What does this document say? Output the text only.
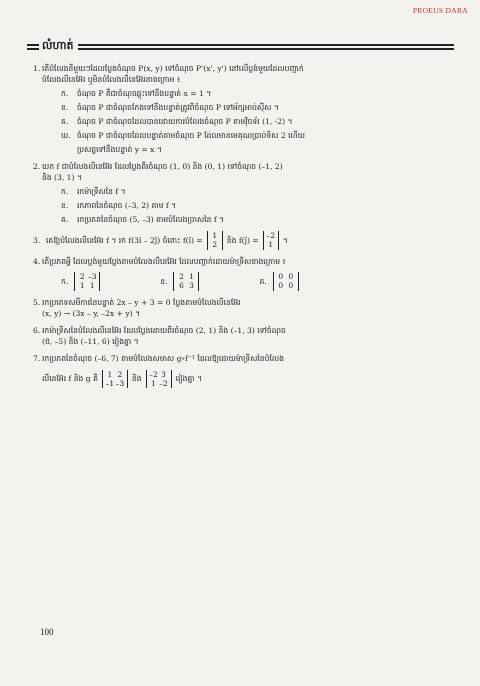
PROEUS DARA
លំហាត់
1. តើបំលែងនីមួយៗដែលប្លែងចំណុច P(x, y) ទៅចំណុច P'(x', y') នៅលើប្លង់មួយដែលបញ្ជាក់
បំលែងលីនេអ៊ែរ ឬមិនបំលែងលីនេអ៊ែរខាងក្រោម ៖
ក. ចំណុច P គឺជាចំណុចឆ្លុះទៅនឹងបន្ទាត់ x = 1 ។
ខ. ចំណុច P ជាចំណុចកែងទៅនឹងបន្ទាត់ត្រូវពិចំណុច P ទៅអ័ក្សអាប់ស៊ីស ។
គ. ចំណុច P ជាចំណុចដែលបានដោយការបំលែងចំណុច P តាមវ៉ិចទ័រ (1, -2) ។
ឃ. ចំណុច P ជាចំណុចដែលបន្ទាត់តាមចំណុច P ដែលមានមេគុណប្រាប់ទិស 2 ហើយ
ប្រសព្វទៅនឹងបន្ទាត់ y = x ។
2. យក f ជាបំលែងលីនេអ៊ែរ ដែលប្លែងពីរចំណុច (1, 0) និង (0, 1) ទៅចំណុច (–1, 2)
និង (3, 1) ។
ក. រកម៉ាទ្រីសនៃ f ។
ខ. រកភាពនៃចំណុច (–3, 2) តាម f ។
គ. រកប្រភពនៃចំណុច (5, –3) តាមបំលែងច្រាសនៃ f ។
3. គេឱ្យបំលែងលីនេអ៊ែរ f ។ រក f(3î – 2ĵ) ចំពោះ f(î) =
1
2	និង f(ĵ) =
–2
1	។
4. តើប្រភពអ្វី ដែលប្លង់មួយប្លែងតាមបំលែងលីនេអ៊ែរ ដែលបញ្ជាក់ដោយម៉ាទ្រីសខាងក្រោម ៖
ក.
2 –3
1 1	ខ.
2 1
6 3	គ.
0 0
0 0
5. រកប្រភេទសមីការនៃបន្ទាត់ 2x – y + 3 = 0 ប្លែងតាមបំលែងលីនេអ៊ែរ
(x, y) → (3x – y, –2x + y) ។
6. រកម៉ាទ្រីសនៃបំលែងលីនេអ៊ែរ ដែលប្លែងដោយពីរចំណុច (2, 1) និង (–1, 3) ទៅចំណុច
(8, –5) និង (–11, 6) រៀងគ្នា ។
7. រកប្រភពនៃចំណុច (–6, 7) តាមបំលែងសមាស g∘f⁻¹ ដែលឱ្យដោយម៉ាទ្រីសនៃបំលែង
លីនេអ៊ែរ f និង g គឺ
1 2
–1 –3 និង
–2 3
1 –2 រៀងគ្នា ។
100
